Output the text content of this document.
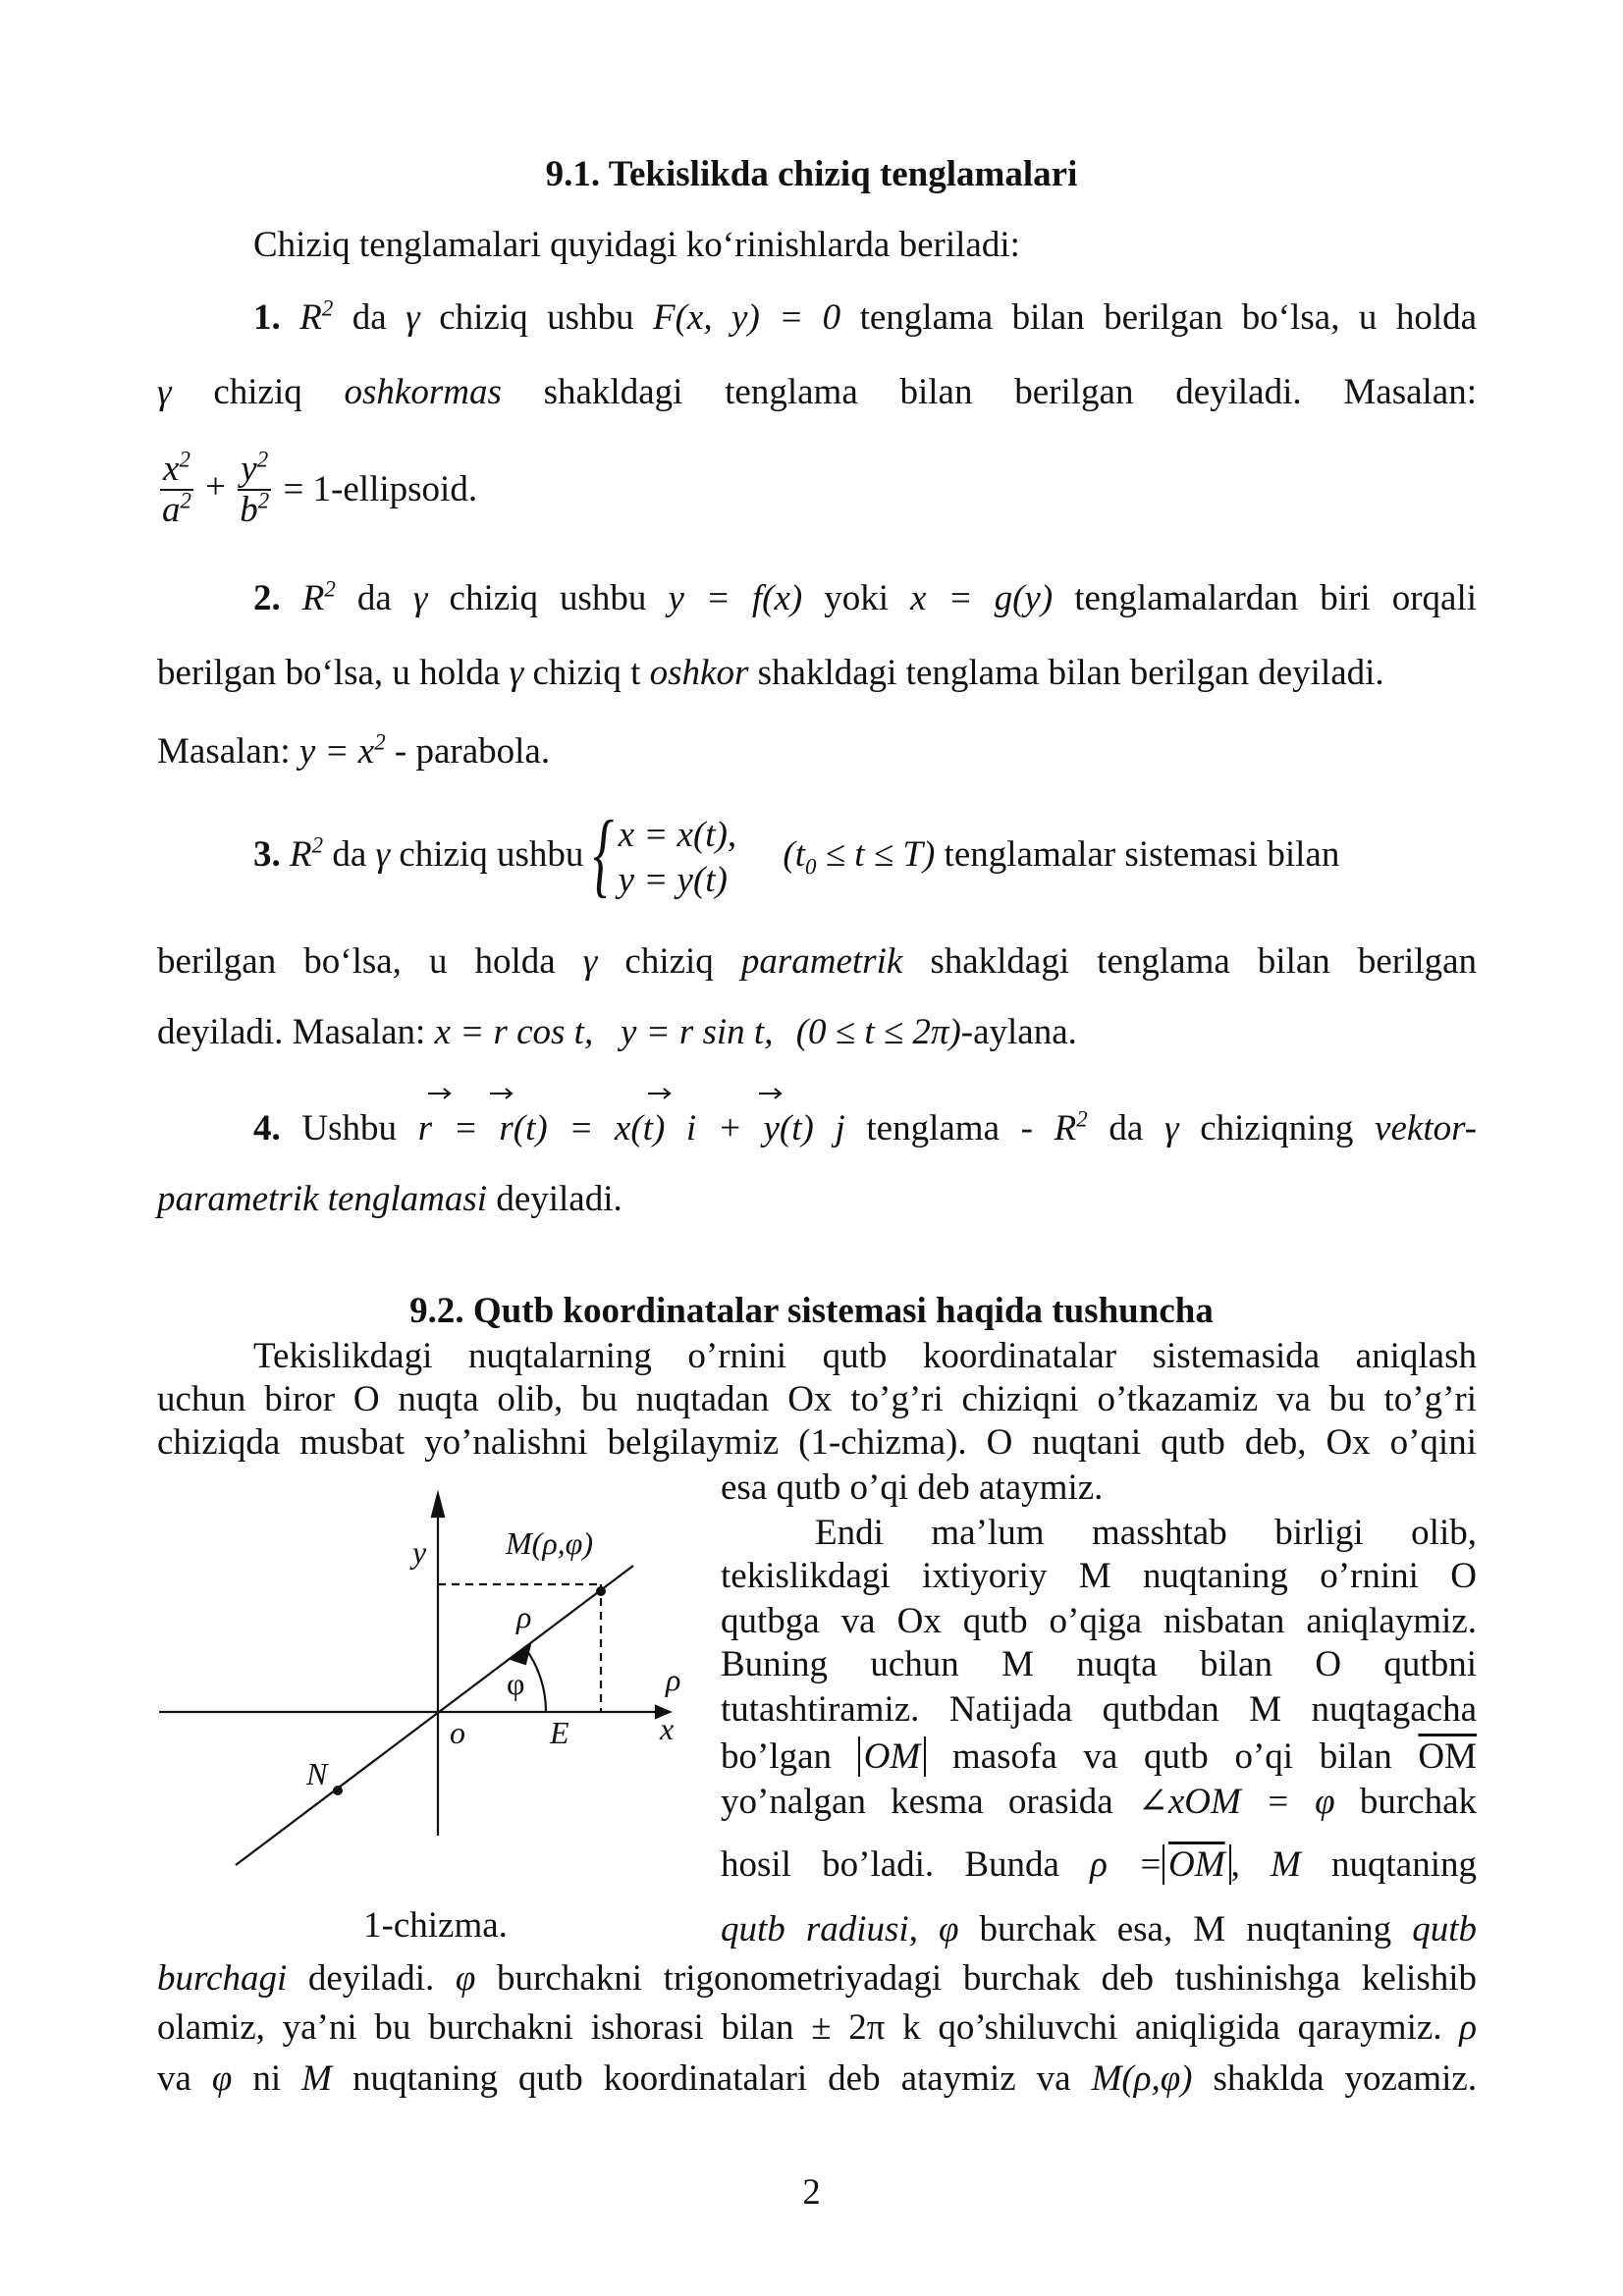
9.1. Tekislikda chiziq tenglamalari
Chiziq tenglamalari quyidagi ko‘rinishlarda beriladi:
1. $R^2$ da γ chiziq ushbu F(x, y) = 0 tenglama bilan berilgan bo‘lsa, u holda
γ chiziq oshkormas shakldagi tenglama bilan berilgan deyiladi. Masalan:
$\frac{x^2}{a^2} + \frac{y^2}{b^2}$ = 1-ellipsoid.
2. $R^2$ da γ chiziq ushbu y = f(x) yoki x = g(y) tenglamalardan biri orqali
berilgan bo‘lsa, u holda γ chiziq t oshkor shakldagi tenglama bilan berilgan deyiladi.
Masalan: $y = x^2$ - parabola.
3. $R^2$ da γ chiziq ushbu { x = x(t),
y = y(t)
$(t_0 \le t \le T)$ tenglamalar sistemasi bilan
berilgan bo‘lsa, u holda γ chiziq parametrik shakldagi tenglama bilan berilgan
deyiladi. Masalan: x = r cos t,   y = r sin t, (0 ≤ t ≤ 2π)-aylana.
4. Ushbu r = r(t) = x(t) i + y(t) j tenglama - $R^2$ da γ chiziqning vektor-
parametrik tenglamasi deyiladi.
9.2. Qutb koordinatalar sistemasi haqida tushuncha
Tekislikdagi nuqtalarning o’rnini qutb koordinatalar sistemasida aniqlash
uchun biror O nuqta olib, bu nuqtadan Ox to’g’ri chiziqni o’tkazamiz va bu to’g’ri
chiziqda musbat yo’nalishni belgilaymiz (1-chizma). O nuqtani qutb deb, Ox o’qini
esa qutb o’qi deb ataymiz.
Endi ma’lum masshtab birligi olib,
tekislikdagi ixtiyoriy M nuqtaning o’rnini O
qutbga va Ox qutb o’qiga nisbatan aniqlaymiz.
Buning uchun M nuqta bilan O qutbni
tutashtiramiz. Natijada qutbdan M nuqtagacha
bo’lgan OM masofa va qutb o’qi bilan $\overline{OM}$
yo’nalgan kesma orasida ∠xOM = φ burchak
hosil bo’ladi. Bunda $\rho = \overline{OM}$ , M nuqtaning
qutb radiusi, φ burchak esa, M nuqtaning qutb
1-chizma.
burchagi deyiladi. φ burchakni trigonometriyadagi burchak deb tushinishga kelishib
olamiz, ya’ni bu burchakni ishorasi bilan ± 2π k qo’shiluvchi aniqligida qaraymiz. ρ
va φ ni M nuqtaning qutb koordinatalari deb ataymiz va M(ρ,φ) shaklda yozamiz.
2
y	M(ρ,φ)
ρ
φ	ρ
o	E	x
N
